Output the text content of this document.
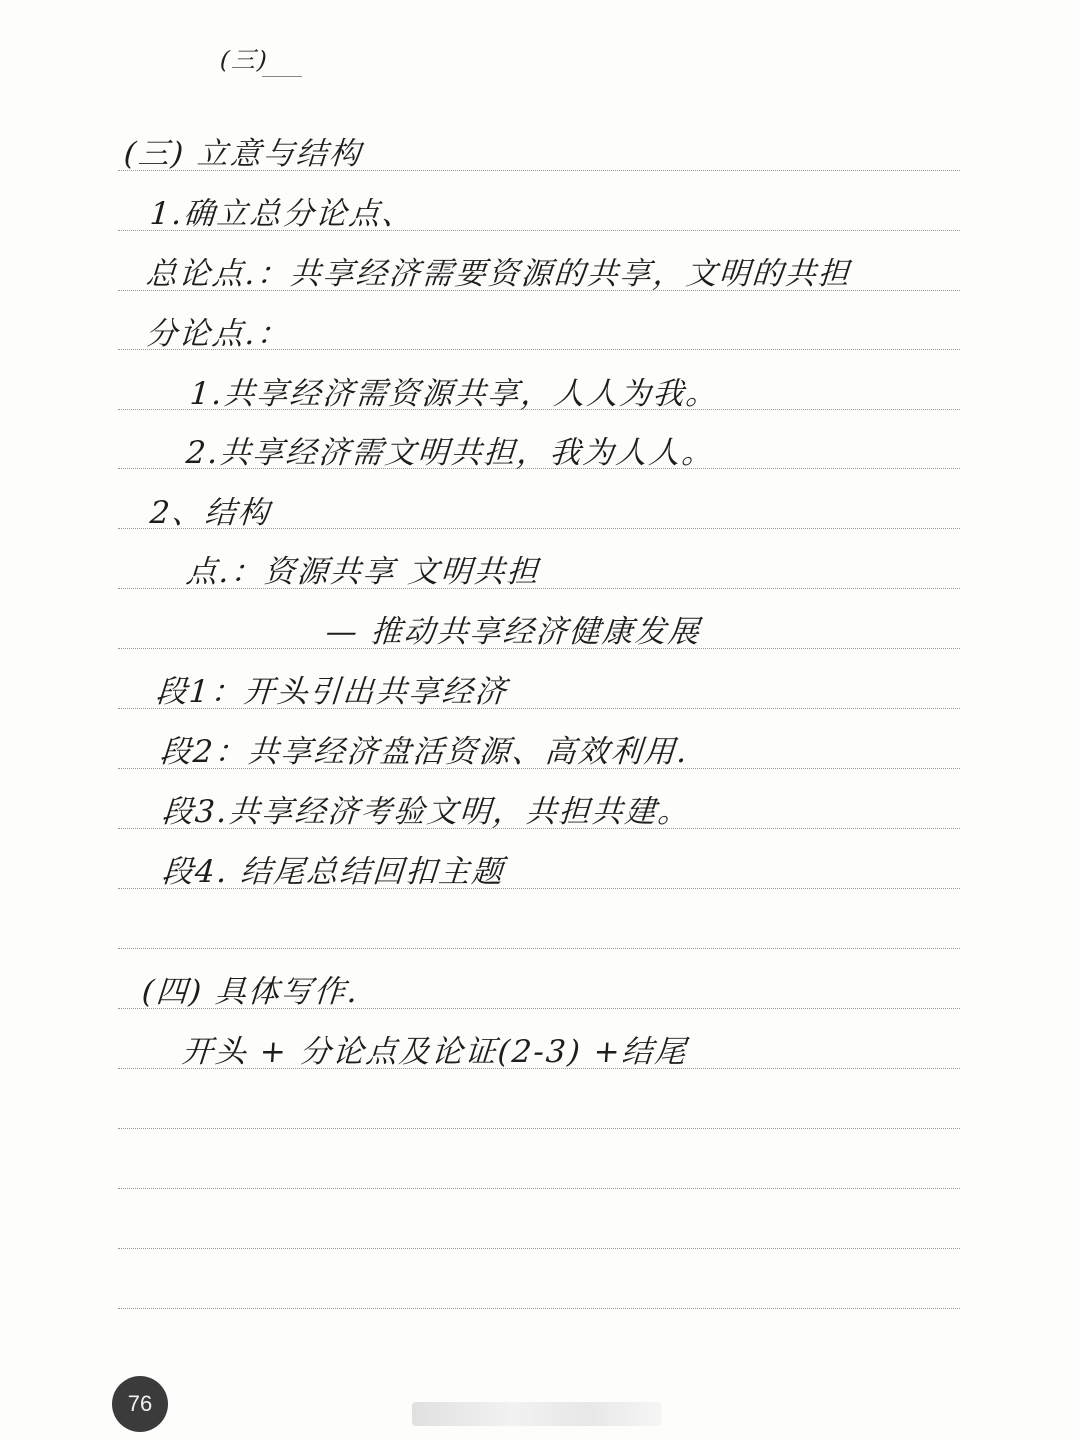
(三)
(三) 立意与结构
1.确立总分论点、
总论点.：共享经济需要资源的共享，文明的共担
分论点.：
1.共享经济需资源共享，人人为我。
2.共享经济需文明共担，我为人人。
2、结构
点.：资源共享 文明共担
— 推动共享经济健康发展
段1：开头引出共享经济
段2：共享经济盘活资源、高效利用.
段3.共享经济考验文明，共担共建。
段4. 结尾总结回扣主题
(四) 具体写作.
开头 + 分论点及论证(2-3) +结尾
76
